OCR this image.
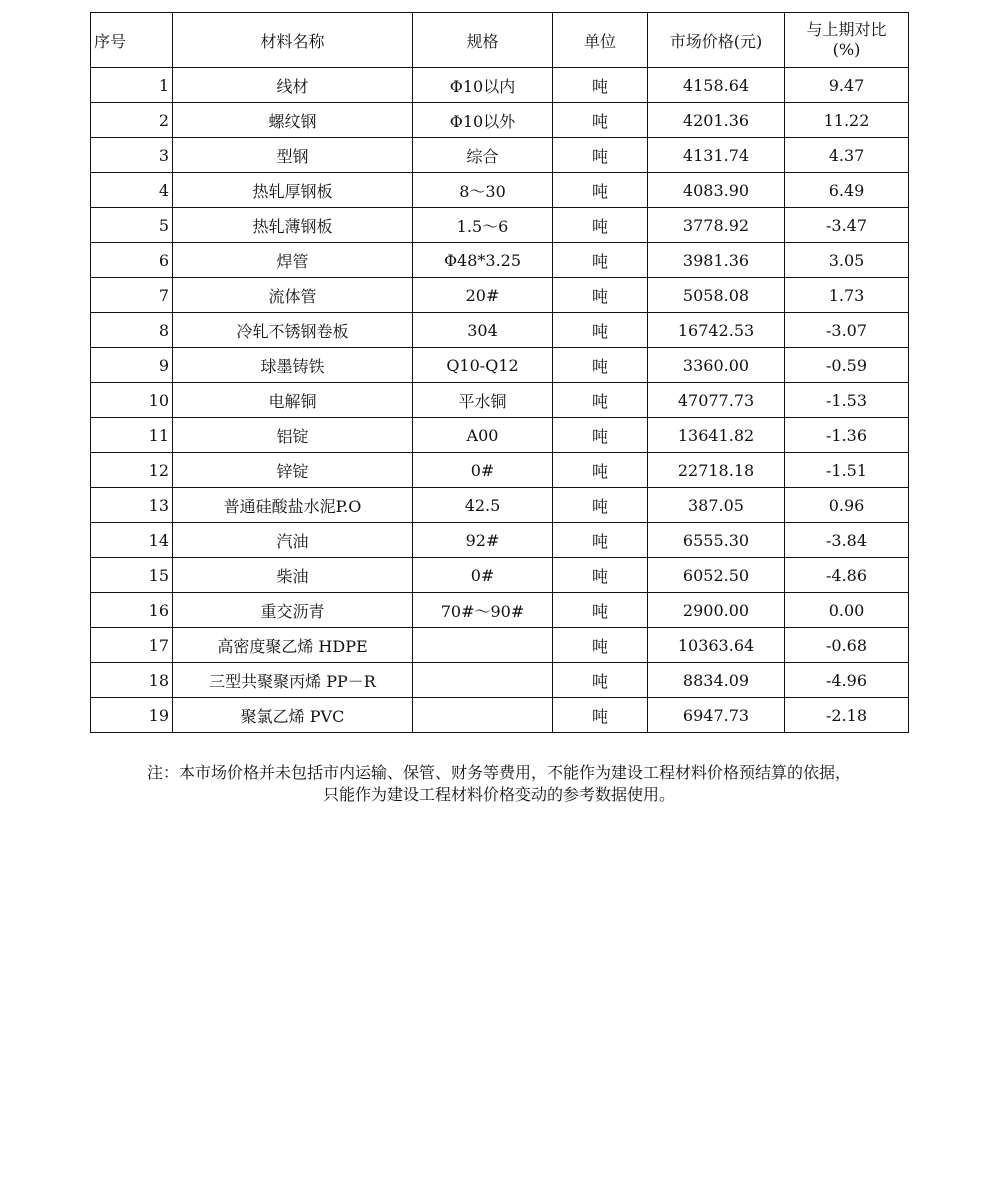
序号	材料名称	规格	单位	市场价格(元)	与上期对比
(%)

1	线材	Φ10以内	吨	4158.64	9.47
2	螺纹钢	Φ10以外	吨	4201.36	11.22
3	型钢	综合	吨	4131.74	4.37
4	热轧厚钢板	8～30	吨	4083.90	6.49
5	热轧薄钢板	1.5～6	吨	3778.92	-3.47
6	焊管	Φ48*3.25	吨	3981.36	3.05
7	流体管	20#	吨	5058.08	1.73
8	冷轧不锈钢卷板	304	吨	16742.53	-3.07
9	球墨铸铁	Q10-Q12	吨	3360.00	-0.59
10	电解铜	平水铜	吨	47077.73	-1.53
11	铝锭	A00	吨	13641.82	-1.36
12	锌锭	0#	吨	22718.18	-1.51
13	普通硅酸盐水泥P.O	42.5	吨	387.05	0.96
14	汽油	92#	吨	6555.30	-3.84
15	柴油	0#	吨	6052.50	-4.86
16	重交沥青	70#～90#	吨	2900.00	0.00
17	高密度聚乙烯 HDPE		吨	10363.64	-0.68
18	三型共聚聚丙烯 PP－R		吨	8834.09	-4.96
19	聚氯乙烯 PVC		吨	6947.73	-2.18
注：本市场价格并未包括市内运输、保管、财务等费用，不能作为建设工程材料价格预结算的依据，
只能作为建设工程材料价格变动的参考数据使用。
